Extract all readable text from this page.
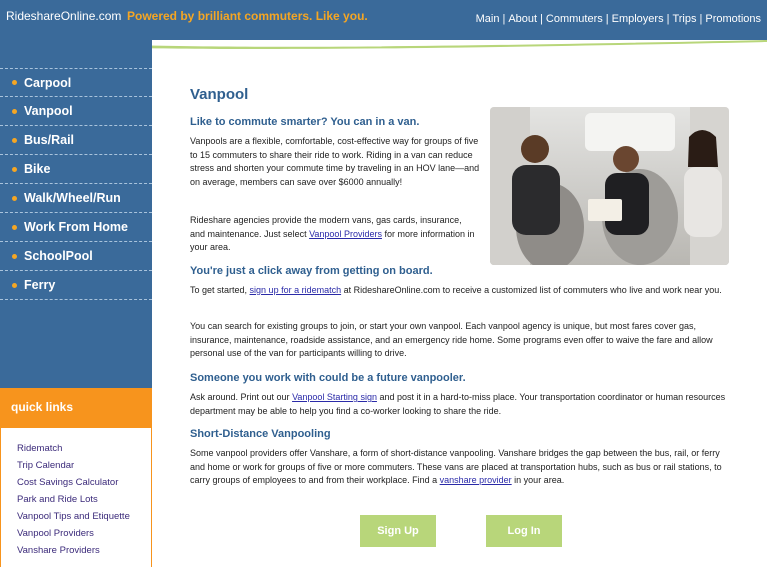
RideshareOnline.com Powered by brilliant commuters. Like you.	Main | About | Commuters | Employers | Trips | Promotions
Carpool
Vanpool
Bus/Rail
Bike
Walk/Wheel/Run
Work From Home
SchoolPool
Ferry
quick links
Ridematch
Trip Calendar
Cost Savings Calculator
Park and Ride Lots
Vanpool Tips and Etiquette
Vanpool Providers
Vanshare Providers
Vanpool
Like to commute smarter? You can in a van.

Vanpools are a flexible, comfortable, cost-effective way for groups of five to 15 commuters to share their ride to work. Riding in a van can reduce stress and shorten your commute time by traveling in an HOV lane—and on average, members can save over $6000 annually!

Rideshare agencies provide the modern vans, gas cards, insurance, and maintenance. Just select Vanpool Providers for more information in your area.

You're just a click away from getting on board.

To get started, sign up for a ridematch at RideshareOnline.com to receive a customized list of commuters who live and work near you.

You can search for existing groups to join, or start your own vanpool. Each vanpool agency is unique, but most fares cover gas, insurance, maintenance, roadside assistance, and an emergency ride home. Some programs even offer to waive the fare and allow personal use of the van for participants willing to drive.

Someone you work with could be a future vanpooler.

Ask around. Print out our Vanpool Starting sign and post it in a hard-to-miss place. Your transportation coordinator or human resources department may be able to help you find a co-worker looking to share the ride.

Short-Distance Vanpooling

Some vanpool providers offer Vanshare, a form of short-distance vanpooling. Vanshare bridges the gap between the bus, rail, or ferry and home or work for groups of five or more commuters. These vans are placed at transportation hubs, such as bus or rail stations, to carry groups of employees to and from their workplace. Find a vanshare provider in your area.

Sign Up	Log In
